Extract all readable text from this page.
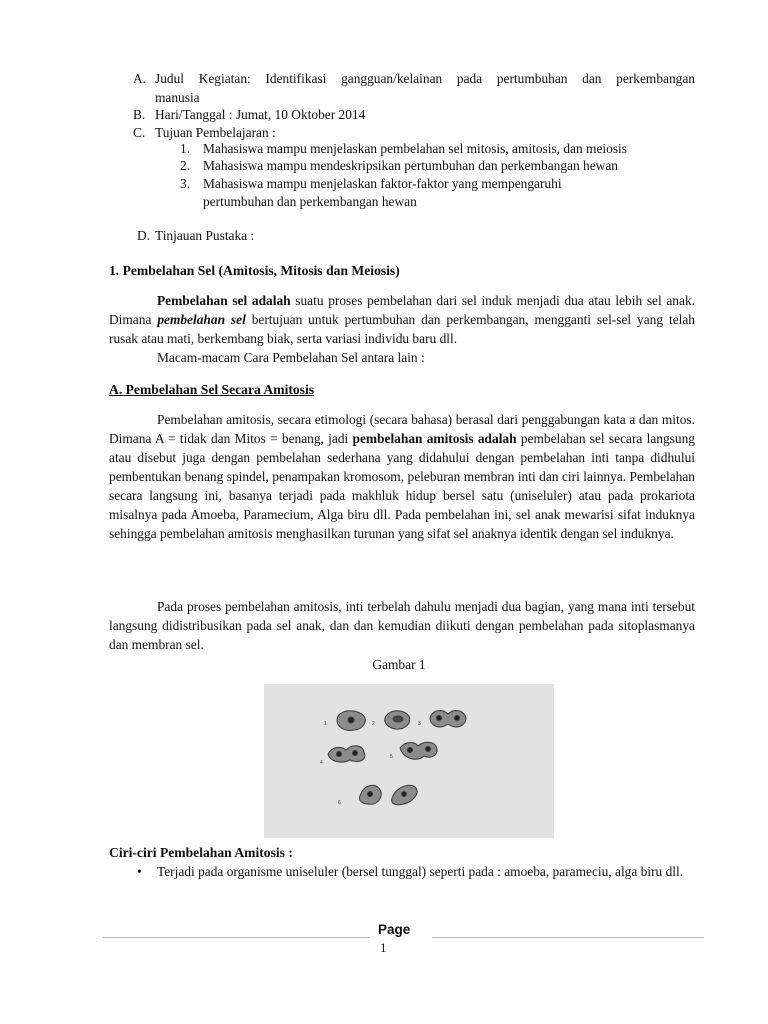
A. Judul Kegiatan: Identifikasi gangguan/kelainan pada pertumbuhan dan perkembangan
manusia
B. Hari/Tanggal : Jumat, 10 Oktober 2014
C. Tujuan Pembelajaran :
1. Mahasiswa mampu menjelaskan pembelahan sel mitosis, amitosis, dan meiosis
2. Mahasiswa mampu mendeskripsikan pertumbuhan dan perkembangan hewan
3. Mahasiswa mampu menjelaskan faktor-faktor yang mempengaruhi
pertumbuhan dan perkembangan hewan
D. Tinjauan Pustaka :
1. Pembelahan Sel (Amitosis, Mitosis dan Meiosis)
Pembelahan sel adalah suatu proses pembelahan dari sel induk menjadi dua atau lebih sel anak. Dimana pembelahan sel bertujuan untuk pertumbuhan dan perkembangan, mengganti sel-sel yang telah rusak atau mati, berkembang biak, serta variasi individu baru dll.
Macam-macam Cara Pembelahan Sel antara lain :
A. Pembelahan Sel Secara Amitosis
Pembelahan amitosis, secara etimologi (secara bahasa) berasal dari penggabungan kata a dan mitos. Dimana A = tidak dan Mitos = benang, jadi pembelahan amitosis adalah pembelahan sel secara langsung atau disebut juga dengan pembelahan sederhana yang didahului dengan pembelahan inti tanpa didhului pembentukan benang spindel, penampakan kromosom, peleburan membran inti dan ciri lainnya. Pembelahan secara langsung ini, basanya terjadi pada makhluk hidup bersel satu (uniseluler) atau pada prokariota misalnya pada Amoeba, Paramecium, Alga biru dll. Pada pembelahan ini, sel anak mewarisi sifat induknya sehingga pembelahan amitosis menghasilkan turunan yang sifat sel anaknya identik dengan sel induknya.
Pada proses pembelahan amitosis, inti terbelah dahulu menjadi dua bagian, yang mana inti tersebut langsung didistribusikan pada sel anak, dan dan kemudian diikuti dengan pembelahan pada sitoplasmanya dan membran sel.
Gambar 1
1	2	3
4
5
6
Ciri-ciri Pembelahan Amitosis :
• Terjadi pada organisme uniseluler (bersel tunggal) seperti pada : amoeba, parameciu, alga biru dll.
Page
1
